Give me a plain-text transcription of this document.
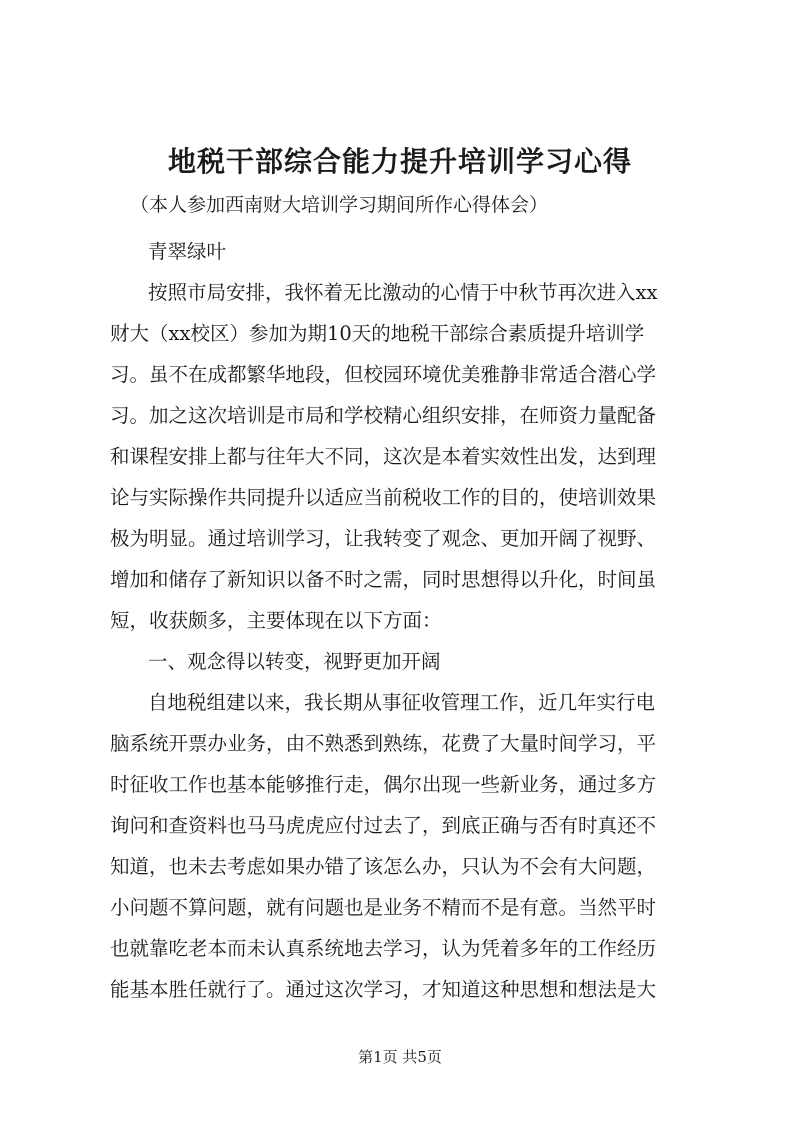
地税干部综合能力提升培训学习心得

（本人参加西南财大培训学习期间所作心得体会）

青翠绿叶

按照市局安排，我怀着无比激动的心情于中秋节再次进入xx

财大（xx校区）参加为期10天的地税干部综合素质提升培训学

习。虽不在成都繁华地段，但校园环境优美雅静非常适合潜心学

习。加之这次培训是市局和学校精心组织安排，在师资力量配备

和课程安排上都与往年大不同，这次是本着实效性出发，达到理

论与实际操作共同提升以适应当前税收工作的目的，使培训效果

极为明显。通过培训学习，让我转变了观念、更加开阔了视野、

增加和储存了新知识以备不时之需，同时思想得以升化，时间虽

短，收获颇多，主要体现在以下方面：

一、观念得以转变，视野更加开阔

自地税组建以来，我长期从事征收管理工作，近几年实行电

脑系统开票办业务，由不熟悉到熟练，花费了大量时间学习，平

时征收工作也基本能够推行走，偶尔出现一些新业务，通过多方

询问和查资料也马马虎虎应付过去了，到底正确与否有时真还不

知道，也未去考虑如果办错了该怎么办，只认为不会有大问题，

小问题不算问题，就有问题也是业务不精而不是有意。当然平时

也就靠吃老本而未认真系统地去学习，认为凭着多年的工作经历

能基本胜任就行了。通过这次学习，才知道这种思想和想法是大

第1页 共5页
